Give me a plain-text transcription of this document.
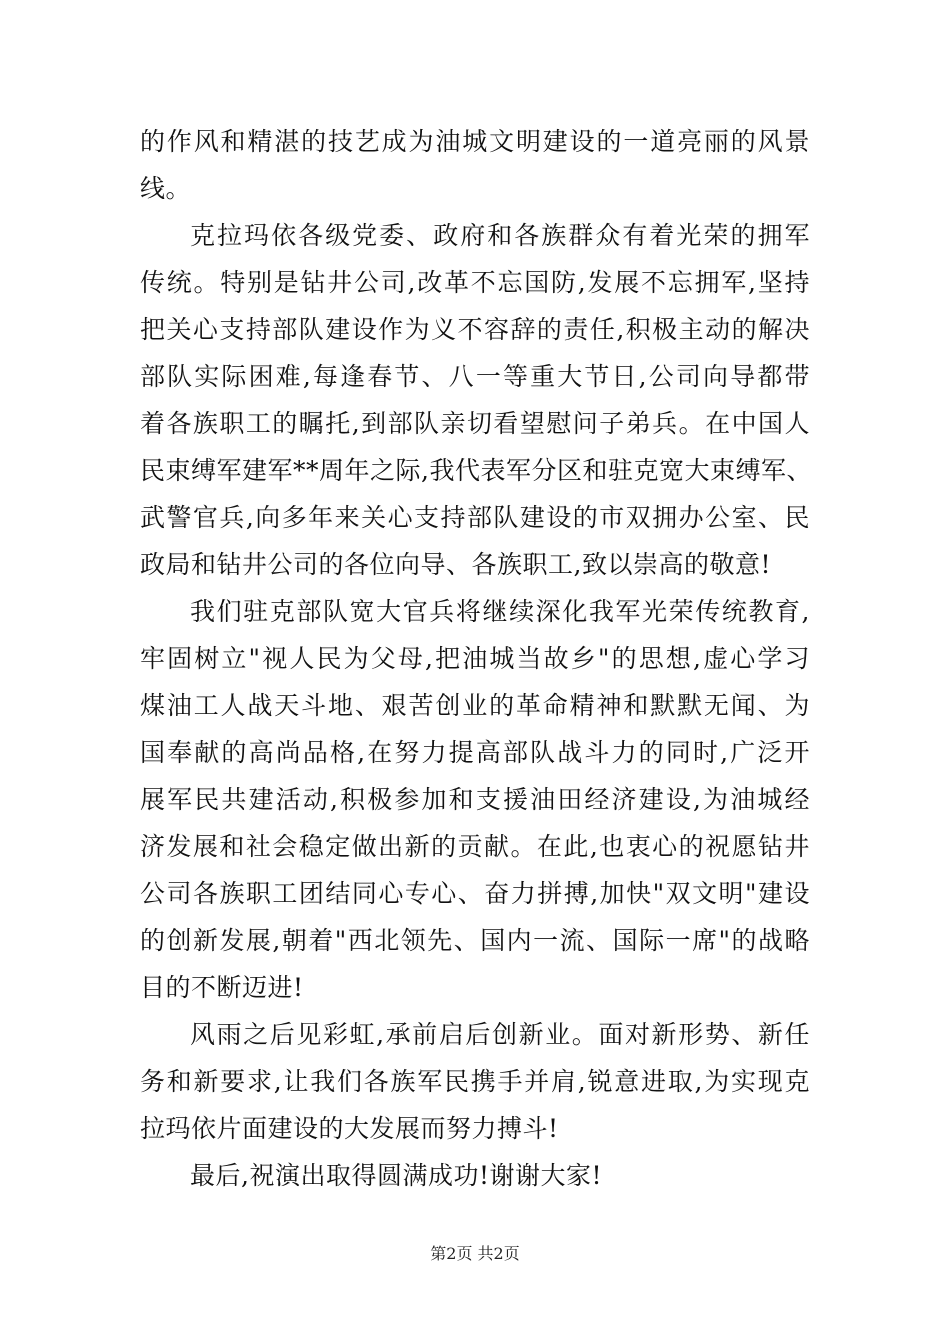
的作风和精湛的技艺成为油城文明建设的一道亮丽的风景
线。
克拉玛依各级党委、政府和各族群众有着光荣的拥军
传统。特别是钻井公司,改革不忘国防,发展不忘拥军,坚持
把关心支持部队建设作为义不容辞的责任,积极主动的解决
部队实际困难,每逢春节、八一等重大节日,公司向导都带
着各族职工的瞩托,到部队亲切看望慰问子弟兵。在中国人
民束缚军建军**周年之际,我代表军分区和驻克宽大束缚军、
武警官兵,向多年来关心支持部队建设的市双拥办公室、民
政局和钻井公司的各位向导、各族职工,致以崇高的敬意!
我们驻克部队宽大官兵将继续深化我军光荣传统教育,
牢固树立"视人民为父母,把油城当故乡"的思想,虚心学习
煤油工人战天斗地、艰苦创业的革命精神和默默无闻、为
国奉献的高尚品格,在努力提高部队战斗力的同时,广泛开
展军民共建活动,积极参加和支援油田经济建设,为油城经
济发展和社会稳定做出新的贡献。在此,也衷心的祝愿钻井
公司各族职工团结同心专心、奋力拼搏,加快"双文明"建设
的创新发展,朝着"西北领先、国内一流、国际一席"的战略
目的不断迈进!
风雨之后见彩虹,承前启后创新业。面对新形势、新任
务和新要求,让我们各族军民携手并肩,锐意进取,为实现克
拉玛依片面建设的大发展而努力搏斗!
最后,祝演出取得圆满成功!谢谢大家!
第2页 共2页
